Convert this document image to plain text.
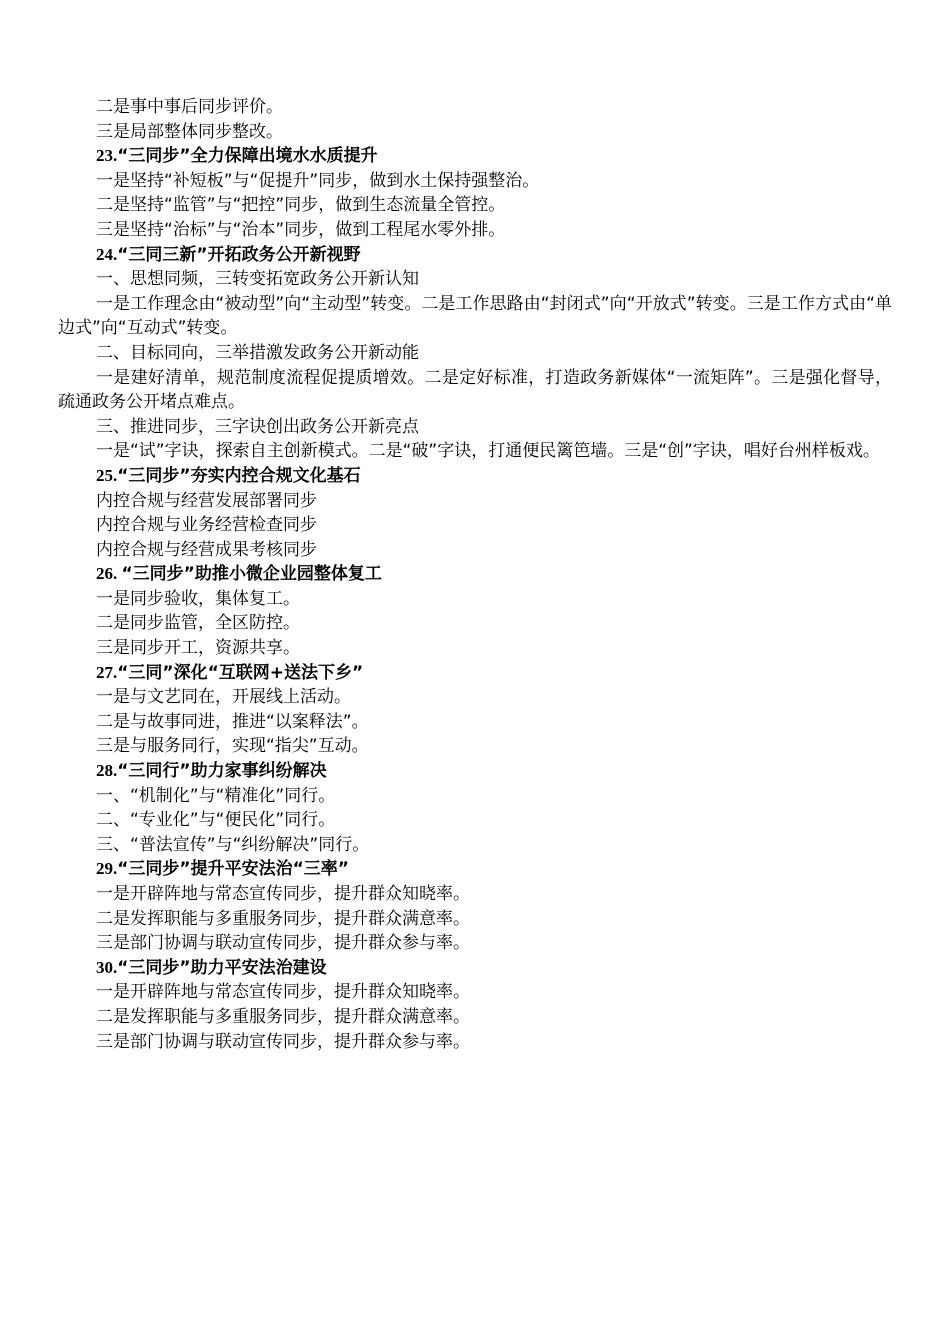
二是事中事后同步评价。

三是局部整体同步整改。

23.“三同步”全力保障出境水水质提升

一是坚持“补短板”与“促提升”同步，做到水土保持强整治。

二是坚持“监管”与“把控”同步，做到生态流量全管控。

三是坚持“治标”与“治本”同步，做到工程尾水零外排。

24.“三同三新”开拓政务公开新视野

一、思想同频，三转变拓宽政务公开新认知

一是工作理念由“被动型”向“主动型”转变。二是工作思路由“封闭式”向“开放式”转变。三是工作方式由“单边式”向“互动式”转变。

二、目标同向，三举措激发政务公开新动能

一是建好清单，规范制度流程促提质增效。二是定好标准，打造政务新媒体“一流矩阵”。三是强化督导，疏通政务公开堵点难点。

三、推进同步，三字诀创出政务公开新亮点

一是“试”字诀，探索自主创新模式。二是“破”字诀，打通便民篱笆墙。三是“创”字诀，唱好台州样板戏。

25.“三同步”夯实内控合规文化基石

内控合规与经营发展部署同步

内控合规与业务经营检查同步

内控合规与经营成果考核同步

26. “三同步”助推小微企业园整体复工

一是同步验收，集体复工。

二是同步监管，全区防控。

三是同步开工，资源共享。

27.“三同”深化“互联网+送法下乡”

一是与文艺同在，开展线上活动。

二是与故事同进，推进“以案释法”。

三是与服务同行，实现“指尖”互动。

28.“三同行”助力家事纠纷解决

一、“机制化”与“精准化”同行。

二、“专业化”与“便民化”同行。

三、“普法宣传”与“纠纷解决”同行。

29.“三同步”提升平安法治“三率”

一是开辟阵地与常态宣传同步，提升群众知晓率。

二是发挥职能与多重服务同步，提升群众满意率。

三是部门协调与联动宣传同步，提升群众参与率。

30.“三同步”助力平安法治建设

一是开辟阵地与常态宣传同步，提升群众知晓率。

二是发挥职能与多重服务同步，提升群众满意率。

三是部门协调与联动宣传同步，提升群众参与率。
